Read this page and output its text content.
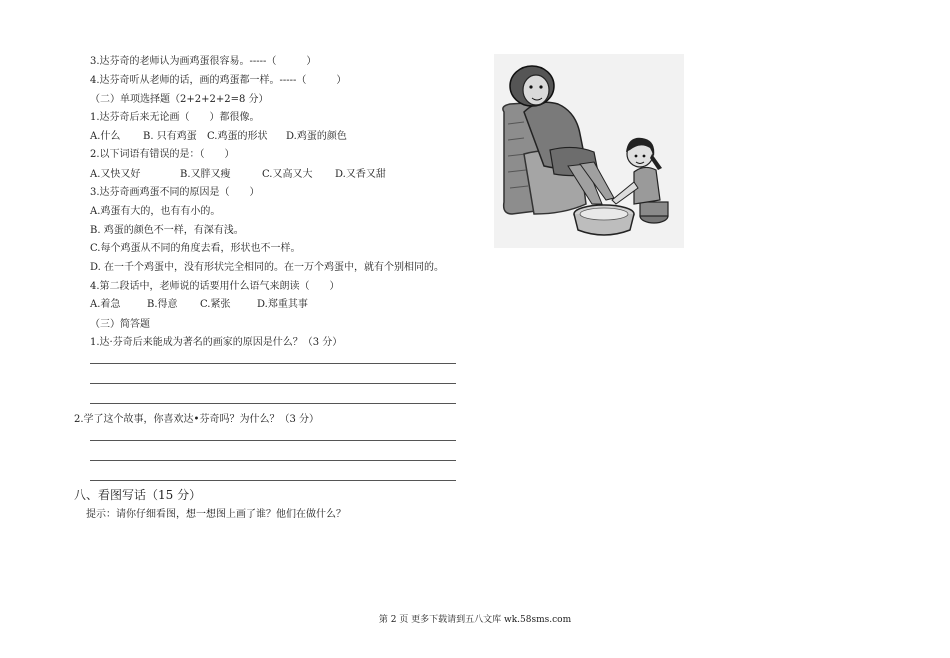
3.达芬奇的老师认为画鸡蛋很容易。-----（　　　）
4.达芬奇听从老师的话，画的鸡蛋都一样。-----（　　　）
（二）单项选择题（2+2+2+2=8 分）
1.达芬奇后来无论画（　　）都很像。
A.什么 B. 只有鸡蛋 C.鸡蛋的形状 D.鸡蛋的颜色
2.以下词语有错误的是：（　　）
A.又快又好	B.又胖又瘦	C.又高又大 D.又香又甜
3.达芬奇画鸡蛋不同的原因是（　　）
A.鸡蛋有大的，也有有小的。
B. 鸡蛋的颜色不一样，有深有浅。
C.每个鸡蛋从不同的角度去看，形状也不一样。
D. 在一千个鸡蛋中，没有形状完全相同的。在一万个鸡蛋中，就有个别相同的。
4.第二段话中，老师说的话要用什么语气来朗读（　　）
A.着急	B.得意 C.紧张	D.郑重其事
（三）简答题
1.达·芬奇后来能成为著名的画家的原因是什么？（3 分）
2.学了这个故事，你喜欢达•芬奇吗？为什么？（3 分）
八、看图写话（15 分）
提示：请你仔细看图，想一想图上画了谁？他们在做什么？
第 2 页 更多下载请到五八文库 wk.58sms.com
